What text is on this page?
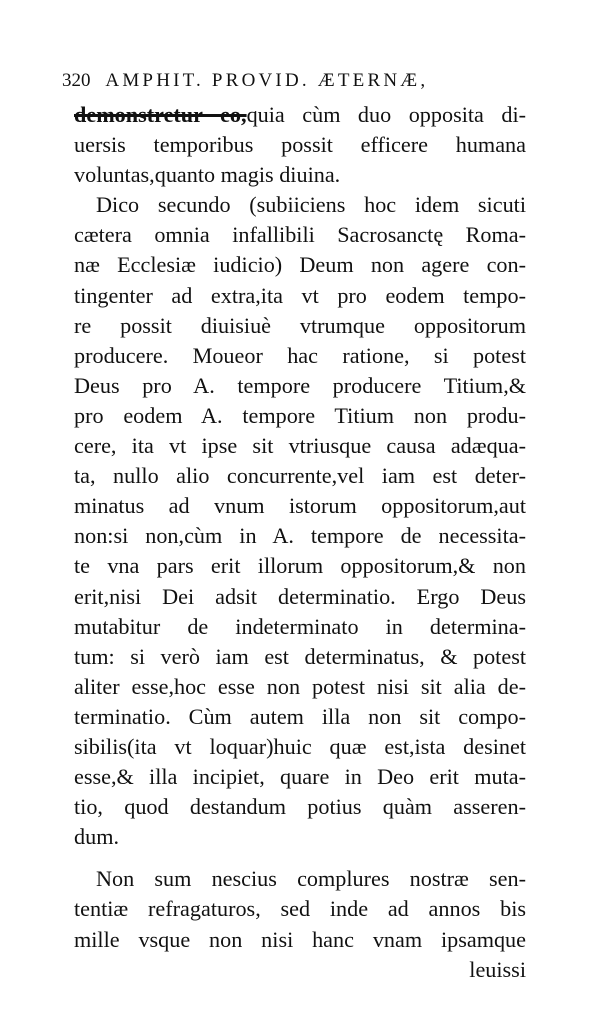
320 AMPHIT. PROVID. ÆTERNÆ,
demonstretur eo,quia cùm duo opposita di-
uersis temporibus possit efficere humana
voluntas,quanto magis diuina.
Dico secundo (subiiciens hoc idem sicuti
cætera omnia infallibili Sacrosanctę Roma-
næ Ecclesiæ iudicio) Deum non agere con-
tingenter ad extra,ita vt pro eodem tempo-
re possit diuisiuè vtrumque oppositorum
producere. Moueor hac ratione, si potest
Deus pro A. tempore producere Titium,&
pro eodem A. tempore Titium non produ-
cere, ita vt ipse sit vtriusque causa adæqua-
ta, nullo alio concurrente,vel iam est deter-
minatus ad vnum istorum oppositorum,aut
non:si non,cùm in A. tempore de necessita-
te vna pars erit illorum oppositorum,& non
erit,nisi Dei adsit determinatio. Ergo Deus
mutabitur de indeterminato in determina-
tum: si verò iam est determinatus, & potest
aliter esse,hoc esse non potest nisi sit alia de-
terminatio. Cùm autem illa non sit compo-
sibilis(ita vt loquar)huic quæ est,ista desinet
esse,& illa incipiet, quare in Deo erit muta-
tio, quod destandum potius quàm asseren-
dum.
Non sum nescius complures nostræ sen-
tentiæ refragaturos, sed inde ad annos bis
mille vsque non nisi hanc vnam ipsamque
leuissi
